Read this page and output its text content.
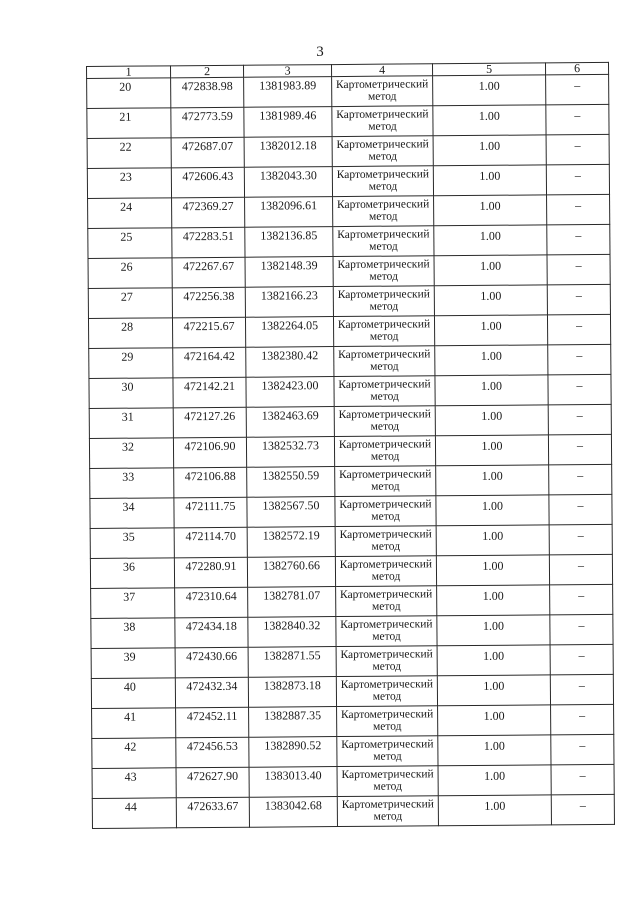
3
1	2	3	4	5	6
20	472838.98	1381983.89	Картометрический метод	1.00	–
21	472773.59	1381989.46	Картометрический метод	1.00	–
22	472687.07	1382012.18	Картометрический метод	1.00	–
23	472606.43	1382043.30	Картометрический метод	1.00	–
24	472369.27	1382096.61	Картометрический метод	1.00	–
25	472283.51	1382136.85	Картометрический метод	1.00	–
26	472267.67	1382148.39	Картометрический метод	1.00	–
27	472256.38	1382166.23	Картометрический метод	1.00	–
28	472215.67	1382264.05	Картометрический метод	1.00	–
29	472164.42	1382380.42	Картометрический метод	1.00	–
30	472142.21	1382423.00	Картометрический метод	1.00	–
31	472127.26	1382463.69	Картометрический метод	1.00	–
32	472106.90	1382532.73	Картометрический метод	1.00	–
33	472106.88	1382550.59	Картометрический метод	1.00	–
34	472111.75	1382567.50	Картометрический метод	1.00	–
35	472114.70	1382572.19	Картометрический метод	1.00	–
36	472280.91	1382760.66	Картометрический метод	1.00	–
37	472310.64	1382781.07	Картометрический метод	1.00	–
38	472434.18	1382840.32	Картометрический метод	1.00	–
39	472430.66	1382871.55	Картометрический метод	1.00	–
40	472432.34	1382873.18	Картометрический метод	1.00	–
41	472452.11	1382887.35	Картометрический метод	1.00	–
42	472456.53	1382890.52	Картометрический метод	1.00	–
43	472627.90	1383013.40	Картометрический метод	1.00	–
44	472633.67	1383042.68	Картометрический метод	1.00	–
